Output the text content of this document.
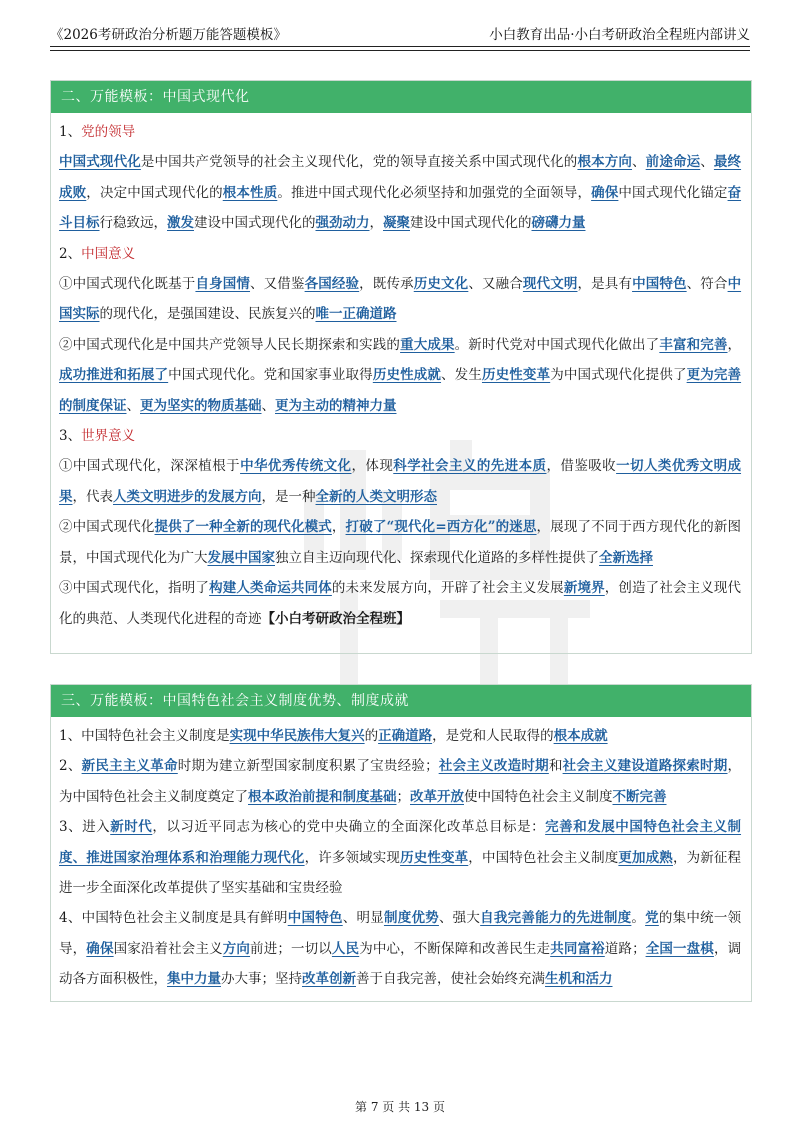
《2026考研政治分析题万能答题模板》	小白教育出品·小白考研政治全程班内部讲义
二、万能模板：中国式现代化

1、党的领导

中国式现代化是中国共产党领导的社会主义现代化，党的领导直接关系中国式现代化的根本方向、前途命运、最终成败，决定中国式现代化的根本性质。推进中国式现代化必须坚持和加强党的全面领导，确保中国式现代化锚定奋斗目标行稳致远，激发建设中国式现代化的强劲动力，凝聚建设中国式现代化的磅礴力量

2、中国意义

①中国式现代化既基于自身国情、又借鉴各国经验，既传承历史文化、又融合现代文明，是具有中国特色、符合中国实际的现代化，是强国建设、民族复兴的唯一正确道路

②中国式现代化是中国共产党领导人民长期探索和实践的重大成果。新时代党对中国式现代化做出了丰富和完善，成功推进和拓展了中国式现代化。党和国家事业取得历史性成就、发生历史性变革为中国式现代化提供了更为完善的制度保证、更为坚实的物质基础、更为主动的精神力量

3、世界意义

①中国式现代化，深深植根于中华优秀传统文化，体现科学社会主义的先进本质，借鉴吸收一切人类优秀文明成果，代表人类文明进步的发展方向，是一种全新的人类文明形态

②中国式现代化提供了一种全新的现代化模式，打破了“现代化=西方化”的迷思，展现了不同于西方现代化的新图景，中国式现代化为广大发展中国家独立自主迈向现代化、探索现代化道路的多样性提供了全新选择

③中国式现代化，指明了构建人类命运共同体的未来发展方向，开辟了社会主义发展新境界，创造了社会主义现代化的典范、人类现代化进程的奇迹【小白考研政治全程班】

三、万能模板：中国特色社会主义制度优势、制度成就

1、中国特色社会主义制度是实现中华民族伟大复兴的正确道路，是党和人民取得的根本成就

2、新民主主义革命时期为建立新型国家制度积累了宝贵经验；社会主义改造时期和社会主义建设道路探索时期，为中国特色社会主义制度奠定了根本政治前提和制度基础；改革开放使中国特色社会主义制度不断完善

3、进入新时代，以习近平同志为核心的党中央确立的全面深化改革总目标是：完善和发展中国特色社会主义制度、推进国家治理体系和治理能力现代化，许多领域实现历史性变革，中国特色社会主义制度更加成熟，为新征程进一步全面深化改革提供了坚实基础和宝贵经验

4、中国特色社会主义制度是具有鲜明中国特色、明显制度优势、强大自我完善能力的先进制度。党的集中统一领导，确保国家沿着社会主义方向前进；一切以人民为中心，不断保障和改善民生走共同富裕道路；全国一盘棋，调动各方面积极性，集中力量办大事；坚持改革创新善于自我完善，使社会始终充满生机和活力

第 7 页 共 13 页
